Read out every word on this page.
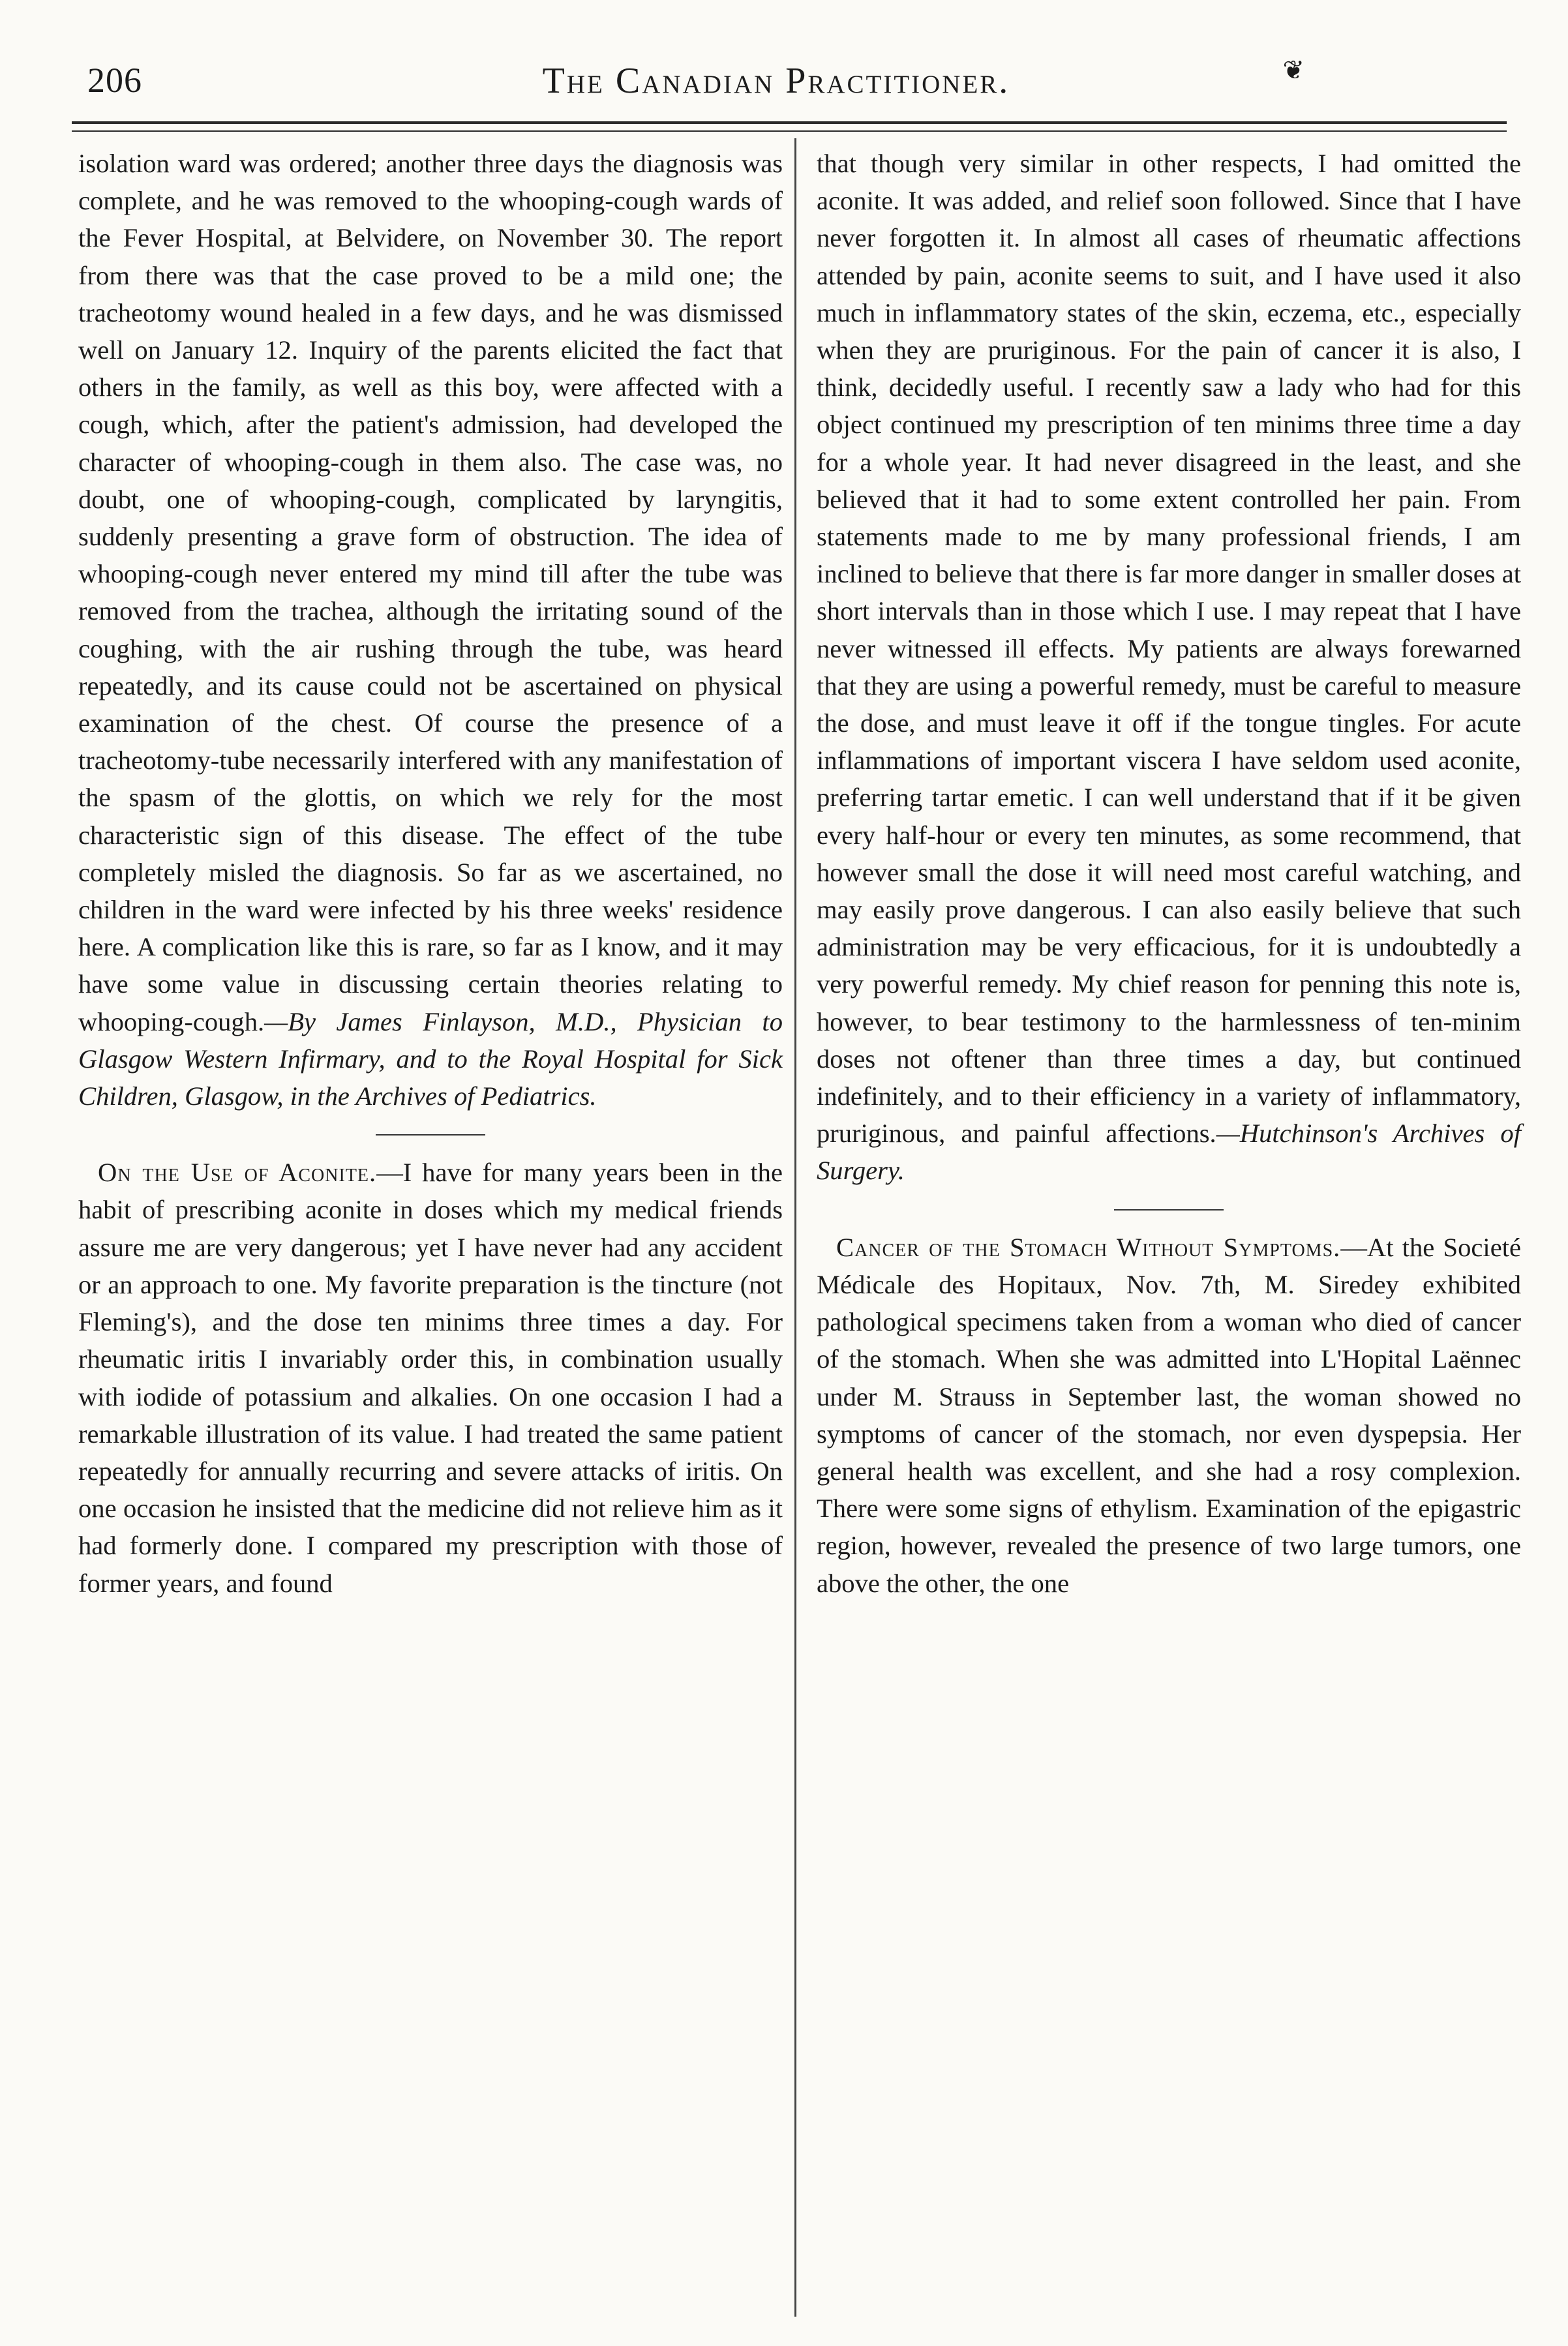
206	The Canadian Practitioner.	❦

isolation ward was ordered; another three days the diagnosis was complete, and he was removed to the whooping-cough wards of the Fever Hospital, at Belvidere, on November 30. The report from there was that the case proved to be a mild one; the tracheotomy wound healed in a few days, and he was dismissed well on January 12. Inquiry of the parents elicited the fact that others in the family, as well as this boy, were affected with a cough, which, after the patient's admission, had developed the character of whooping-cough in them also. The case was, no doubt, one of whooping-cough, complicated by laryngitis, suddenly presenting a grave form of obstruction. The idea of whooping-cough never entered my mind till after the tube was removed from the trachea, although the irritating sound of the coughing, with the air rushing through the tube, was heard repeatedly, and its cause could not be ascertained on physical examination of the chest. Of course the presence of a tracheotomy-tube necessarily interfered with any manifestation of the spasm of the glottis, on which we rely for the most characteristic sign of this disease. The effect of the tube completely misled the diagnosis. So far as we ascertained, no children in the ward were infected by his three weeks' residence here. A complication like this is rare, so far as I know, and it may have some value in discussing certain theories relating to whooping-cough.—By James Finlayson, M.D., Physician to Glasgow Western Infirmary, and to the Royal Hospital for Sick Children, Glasgow, in the Archives of Pediatrics.

On the Use of Aconite.—I have for many years been in the habit of prescribing aconite in doses which my medical friends assure me are very dangerous; yet I have never had any accident or an approach to one. My favorite preparation is the tincture (not Fleming's), and the dose ten minims three times a day. For rheumatic iritis I invariably order this, in combination usually with iodide of potassium and alkalies. On one occasion I had a remarkable illustration of its value. I had treated the same patient repeatedly for annually recurring and severe attacks of iritis. On one occasion he insisted that the medicine did not relieve him as it had formerly done. I compared my prescription with those of former years, and found

that though very similar in other respects, I had omitted the aconite. It was added, and relief soon followed. Since that I have never forgotten it. In almost all cases of rheumatic affections attended by pain, aconite seems to suit, and I have used it also much in inflammatory states of the skin, eczema, etc., especially when they are pruriginous. For the pain of cancer it is also, I think, decidedly useful. I recently saw a lady who had for this object continued my prescription of ten minims three time a day for a whole year. It had never disagreed in the least, and she believed that it had to some extent controlled her pain. From statements made to me by many professional friends, I am inclined to believe that there is far more danger in smaller doses at short intervals than in those which I use. I may repeat that I have never witnessed ill effects. My patients are always forewarned that they are using a powerful remedy, must be careful to measure the dose, and must leave it off if the tongue tingles. For acute inflammations of important viscera I have seldom used aconite, preferring tartar emetic. I can well understand that if it be given every half-hour or every ten minutes, as some recommend, that however small the dose it will need most careful watching, and may easily prove dangerous. I can also easily believe that such administration may be very efficacious, for it is undoubtedly a very powerful remedy. My chief reason for penning this note is, however, to bear testimony to the harmlessness of ten-minim doses not oftener than three times a day, but continued indefinitely, and to their efficiency in a variety of inflammatory, pruriginous, and painful affections.—Hutchinson's Archives of Surgery.

Cancer of the Stomach Without Symptoms.—At the Societé Médicale des Hopitaux, Nov. 7th, M. Siredey exhibited pathological specimens taken from a woman who died of cancer of the stomach. When she was admitted into L'Hopital Laënnec under M. Strauss in September last, the woman showed no symptoms of cancer of the stomach, nor even dyspepsia. Her general health was excellent, and she had a rosy complexion. There were some signs of ethylism. Examination of the epigastric region, however, revealed the presence of two large tumors, one above the other, the one
